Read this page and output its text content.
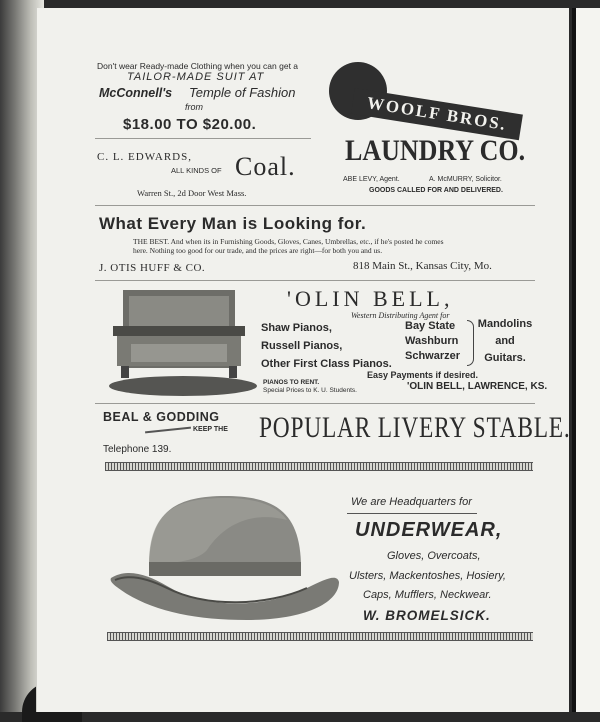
Don't wear Ready-made Clothing when you can get a
TAILOR-MADE SUIT AT
McConnell's Temple of Fashion
from
$18.00 TO $20.00.
C. L. EDWARDS,
ALL KINDS OF Coal.
Warren St., 2d Door West Mass.
WOOLF BROS.
LAUNDRY CO.
ABE LEVY, Agent.	A. McMURRY, Solicitor.
GOODS CALLED FOR AND DELIVERED.
What Every Man is Looking for.
THE BEST. And when its in Furnishing Goods, Gloves, Canes, Umbrellas, etc., if he's posted he comes
here. Nothing too good for our trade, and the prices are right—for both you and us.
J. OTIS HUFF & CO.	818 Main St., Kansas City, Mo.
'OLIN BELL,
Western Distributing Agent for
Shaw Pianos,
Russell Pianos,
Other First Class Pianos.
Bay State
Washburn
Schwarzer
Mandolins
and
Guitars.
Easy Payments if desired.
PIANOS TO RENT.
Special Prices to K. U. Students.	'OLIN BELL, LAWRENCE, KS.
BEAL & GODDING
KEEP THE POPULAR LIVERY STABLE.
Telephone 139.
We are Headquarters for
UNDERWEAR,
Gloves, Overcoats,
Ulsters, Mackentoshes, Hosiery,
Caps, Mufflers, Neckwear.
W. BROMELSICK.
